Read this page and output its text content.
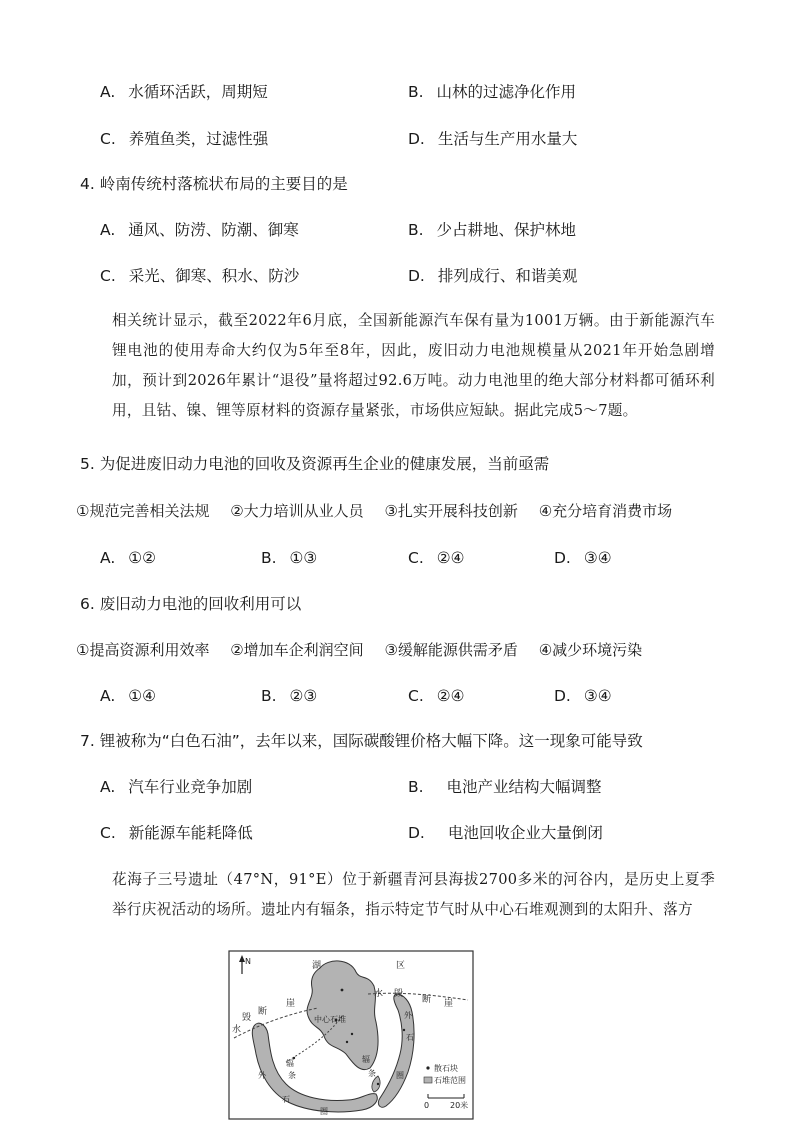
A. 水循环活跃，周期短	B. 山林的过滤净化作用
C. 养殖鱼类，过滤性强	D. 生活与生产用水量大
4. 岭南传统村落梳状布局的主要目的是
A. 通风、防涝、防潮、御寒	B. 少占耕地、保护林地
C. 采光、御寒、积水、防沙	D. 排列成行、和谐美观

相关统计显示，截至2022年6月底，全国新能源汽车保有量为1001万辆。由于新能源汽车锂电池的使用寿命大约仅为5年至8年，因此，废旧动力电池规模量从2021年开始急剧增加，预计到2026年累计“退役”量将超过92.6万吨。动力电池里的绝大部分材料都可循环利用，且钴、镍、锂等原材料的资源存量紧张，市场供应短缺。据此完成5～7题。

5. 为促进废旧动力电池的回收及资源再生企业的健康发展，当前亟需
①规范完善相关法规 ②大力培训从业人员 ③扎实开展科技创新 ④充分培育消费市场
A. ①②	B. ①③	C. ②④	D. ③④
6. 废旧动力电池的回收利用可以
①提高资源利用效率 ②增加车企利润空间 ③缓解能源供需矛盾 ④减少环境污染
A. ①④	B. ②③	C. ②④	D. ③④
7. 锂被称为“白色石油”，去年以来，国际碳酸锂价格大幅下降。这一现象可能导致
A. 汽车行业竞争加剧	B. 电池产业结构大幅调整
C. 新能源车能耗降低	D. 电池回收企业大量倒闭

花海子三号遗址（47°N，91°E）位于新疆青河县海拔2700多米的河谷内，是历史上夏季举行庆祝活动的场所。遗址内有辐条，指示特定节气时从中心石堆观测到的太阳升、落方

N	湖	区
断
崖	断 崖
水
毁
水 毁
中心石堆
辐
条
辐
条
外
石
圈
外
石
圈
散石块
石堆范围
0	20米
